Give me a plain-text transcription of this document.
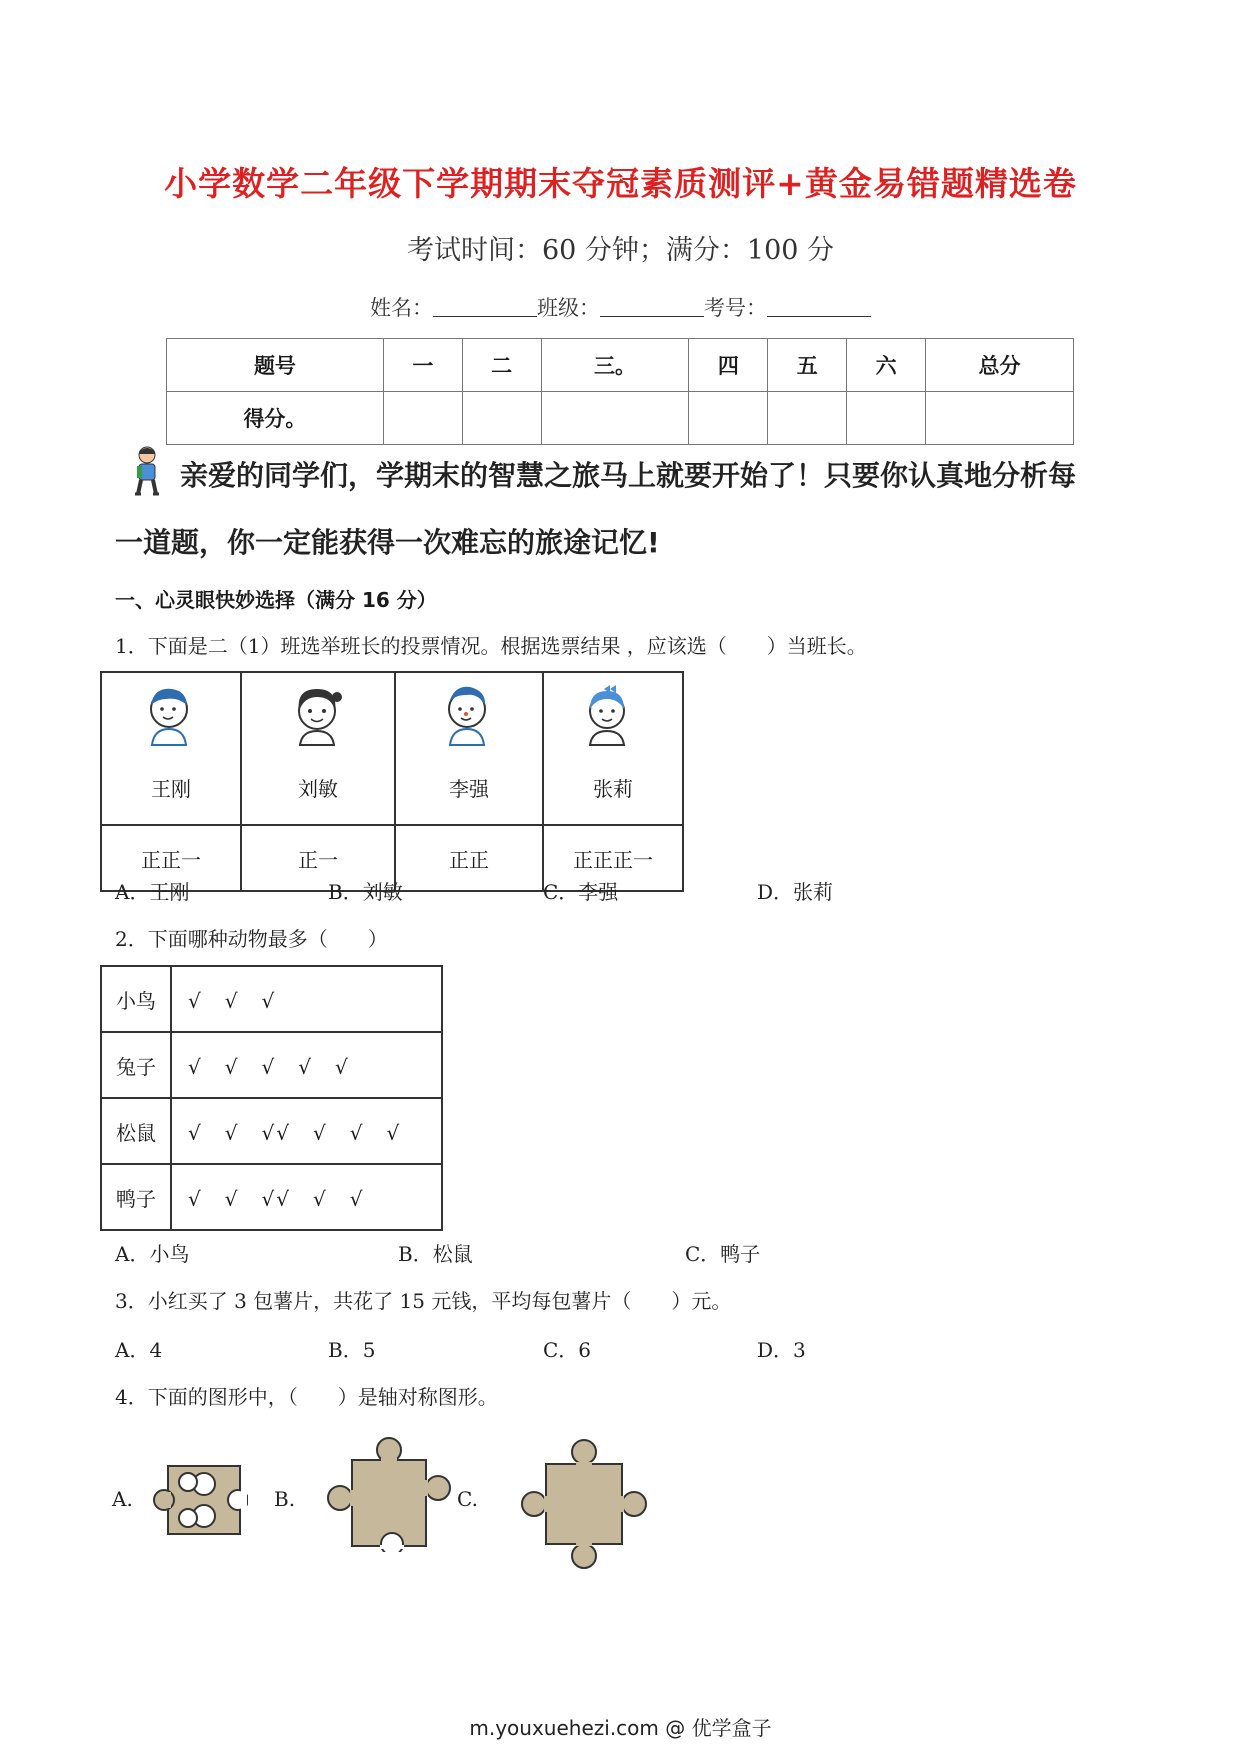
小学数学二年级下学期期末夺冠素质测评+黄金易错题精选卷
考试时间：60 分钟；满分：100 分
姓名：	班级：	考号：
题号	一	二	三。	四	五	六	总分
得分。							
亲爱的同学们，学期末的智慧之旅马上就要开始了！只要你认真地分析每
一道题，你一定能获得一次难忘的旅途记忆!
一、心灵眼快妙选择（满分 16 分）
1．下面是二（1）班选举班长的投票情况。根据选票结果 ，应该选（　　）当班长。
王刚	刘敏	李强	张莉
正正一	正一	正正	正正正一
A．王刚	B．刘敏	C．李强	D．张莉
2．下面哪种动物最多（　　）
小鸟	√　√　√
兔子	√　√　√　√　√
松鼠	√　√　√√　√　√　√
鸭子	√　√　√√　√　√
A．小鸟	B．松鼠	C．鸭子
3．小红买了 3 包薯片，共花了 15 元钱，平均每包薯片（　　）元。
A．4	B．5	C．6	D．3
4．下面的图形中，（　　）是轴对称图形。
A.	B.	C.
m.youxuehezi.com @ 优学盒子
